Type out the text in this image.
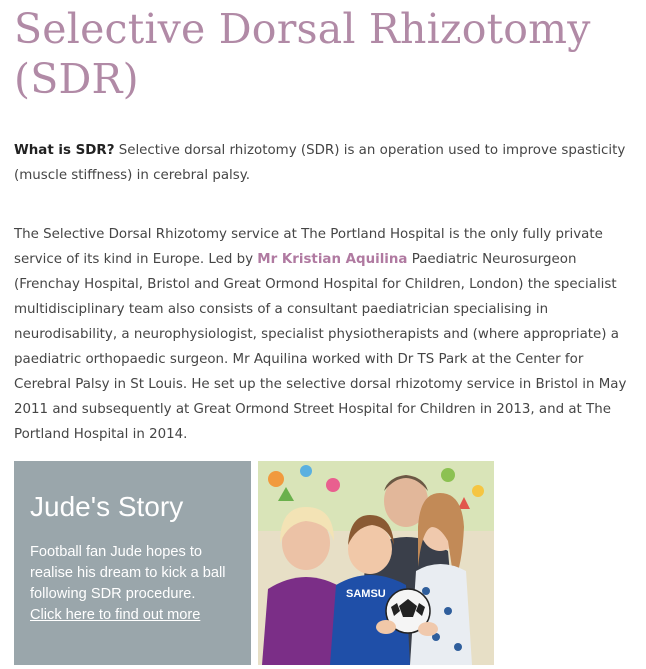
Selective Dorsal Rhizotomy (SDR)

What is SDR? Selective dorsal rhizotomy (SDR) is an operation used to improve spasticity (muscle stiffness) in cerebral palsy.

The Selective Dorsal Rhizotomy service at The Portland Hospital is the only fully private service of its kind in Europe. Led by Mr Kristian Aquilina Paediatric Neurosurgeon (Frenchay Hospital, Bristol and Great Ormond Hospital for Children, London) the specialist multidisciplinary team also consists of a consultant paediatrician specialising in neurodisability, a neurophysiologist, specialist physiotherapists and (where appropriate) a paediatric orthopaedic surgeon. Mr Aquilina worked with Dr TS Park at the Center for Cerebral Palsy in St Louis. He set up the selective dorsal rhizotomy service in Bristol in May 2011 and subsequently at Great Ormond Street Hospital for Children in 2013, and at The Portland Hospital in 2014.

Jude's Story

Football fan Jude hopes to realise his dream to kick a ball following SDR procedure.
Click here to find out more

SAMSU
